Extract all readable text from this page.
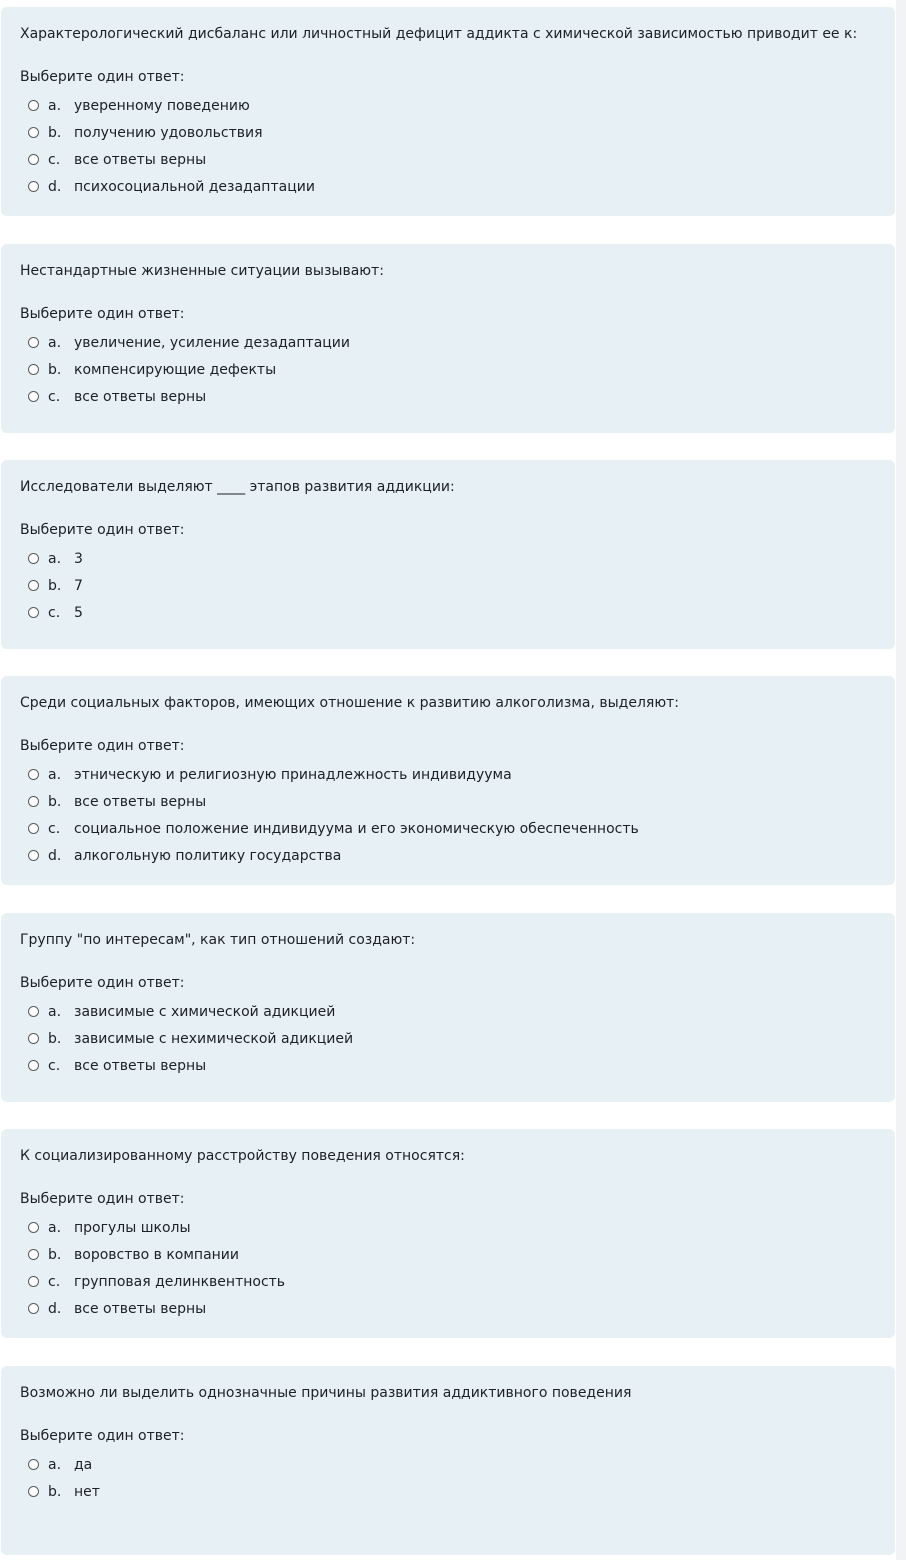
Характерологический дисбаланс или личностный дефицит аддикта с химической зависимостью приводит ее к:
Выберите один ответ:
a. уверенному поведению
b. получению удовольствия
c. все ответы верны
d. психосоциальной дезадаптации
Нестандартные жизненные ситуации вызывают:
Выберите один ответ:
a. увеличение, усиление дезадаптации
b. компенсирующие дефекты
c. все ответы верны
Исследователи выделяют ____ этапов развития аддикции:
Выберите один ответ:
a. 3
b. 7
c. 5
Среди социальных факторов, имеющих отношение к развитию алкоголизма, выделяют:
Выберите один ответ:
a. этническую и религиозную принадлежность индивидуума
b. все ответы верны
c. социальное положение индивидуума и его экономическую обеспеченность
d. алкогольную политику государства
Группу "по интересам", как тип отношений создают:
Выберите один ответ:
a. зависимые с химической адикцией
b. зависимые с нехимической адикцией
c. все ответы верны
К социализированному расстройству поведения относятся:
Выберите один ответ:
a. прогулы школы
b. воровство в компании
c. групповая делинквентность
d. все ответы верны
Возможно ли выделить однозначные причины развития аддиктивного поведения
Выберите один ответ:
a. да
b. нет
